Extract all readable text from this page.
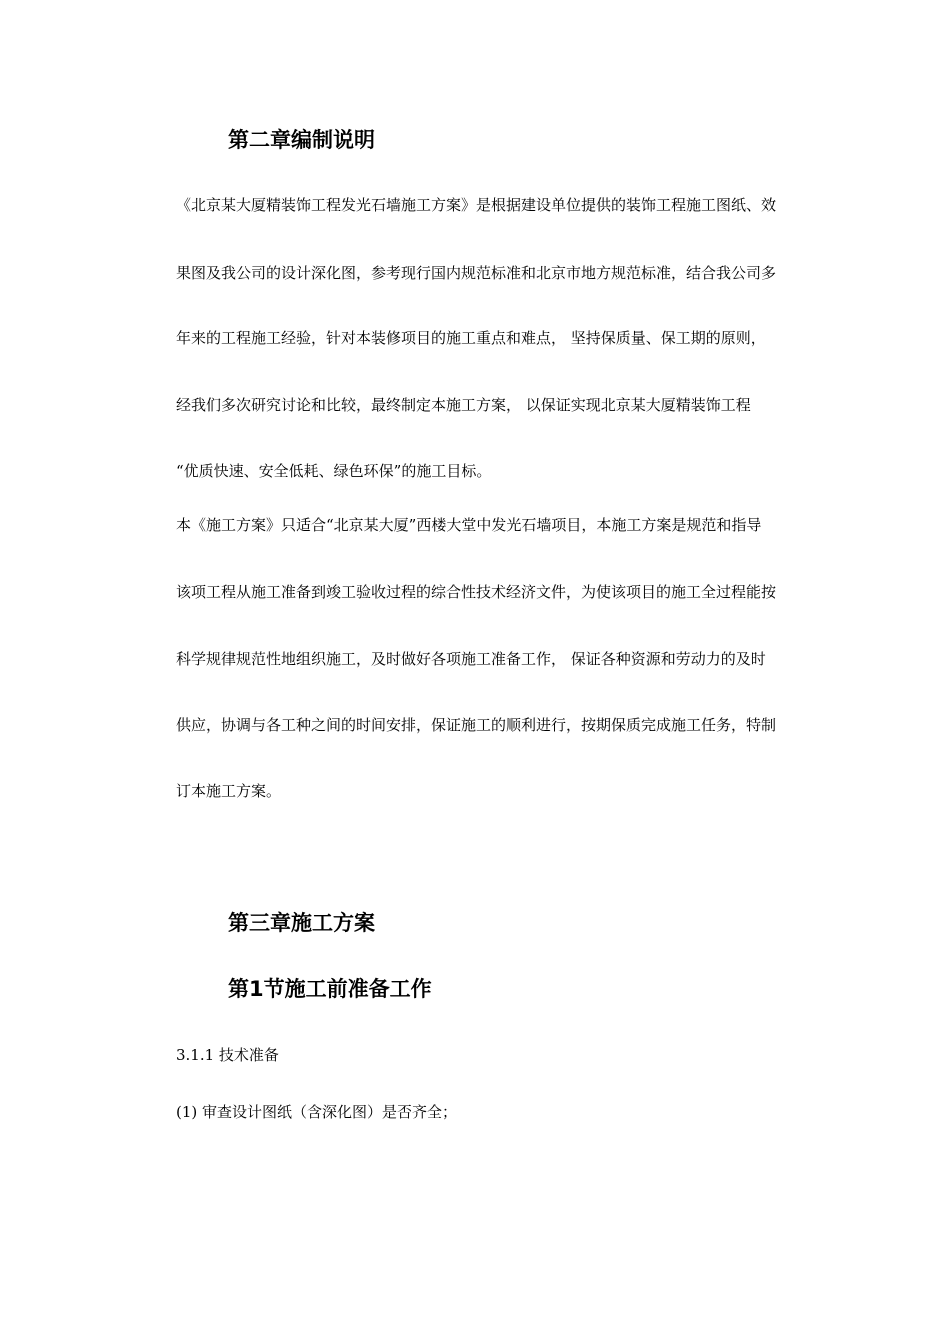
第二章编制说明
《北京某大厦精装饰工程发光石墙施工方案》是根据建设单位提供的装饰工程施工图纸、效
果图及我公司的设计深化图，参考现行国内规范标准和北京市地方规范标准，结合我公司多
年来的工程施工经验，针对本装修项目的施工重点和难点， 坚持保质量、保工期的原则，
经我们多次研究讨论和比较，最终制定本施工方案， 以保证实现北京某大厦精装饰工程
“优质快速、安全低耗、绿色环保”的施工目标。
本《施工方案》只适合“北京某大厦”西楼大堂中发光石墙项目，本施工方案是规范和指导
该项工程从施工准备到竣工验收过程的综合性技术经济文件，为使该项目的施工全过程能按
科学规律规范性地组织施工，及时做好各项施工准备工作， 保证各种资源和劳动力的及时
供应，协调与各工种之间的时间安排，保证施工的顺利进行，按期保质完成施工任务，特制
订本施工方案。
第三章施工方案
第1节施工前准备工作
3.1.1 技术准备
(1) 审查设计图纸（含深化图）是否齐全；
